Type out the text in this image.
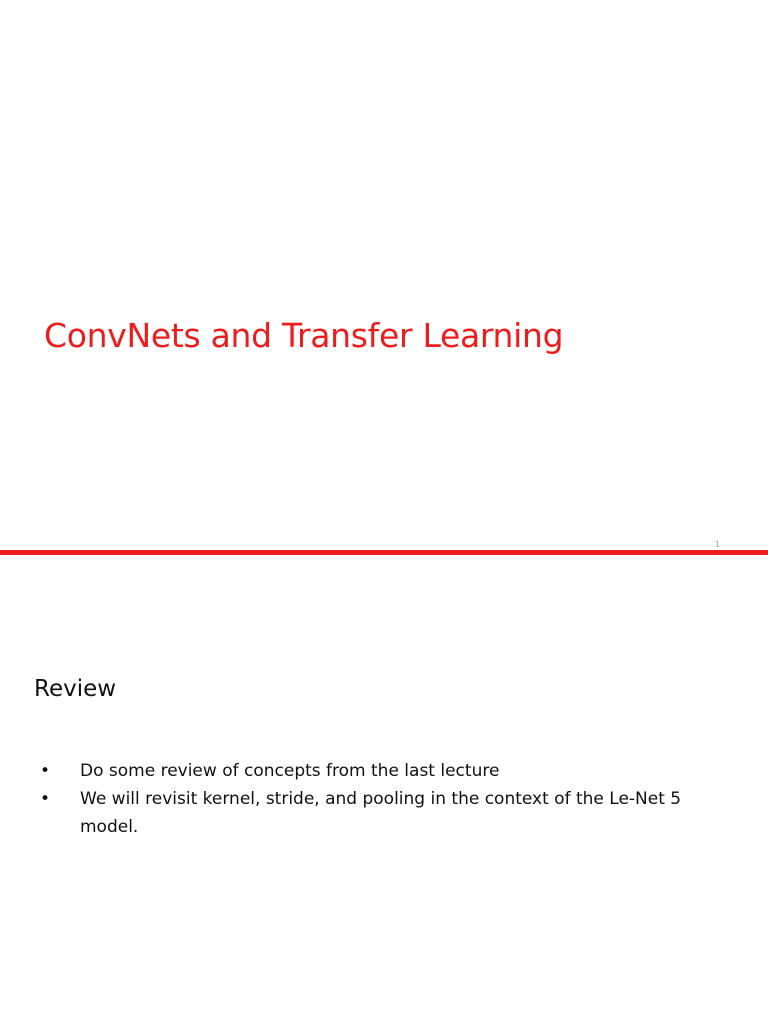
ConvNets and Transfer Learning
1
Review
• Do some review of concepts from the last lecture
• We will revisit kernel, stride, and pooling in the context of the Le-Net 5 model.
